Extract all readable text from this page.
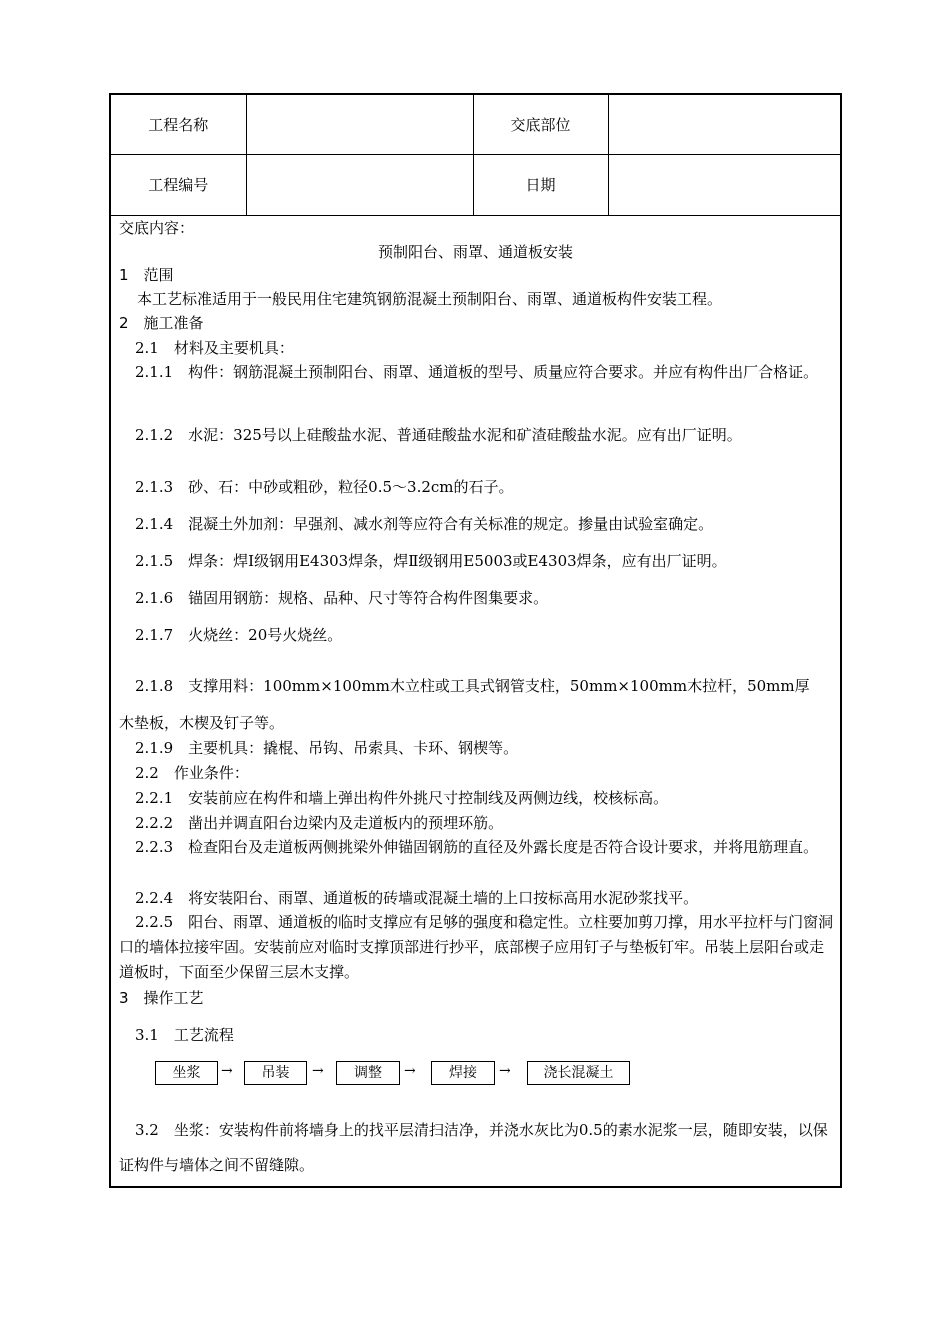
工程名称		交底部位	
工程编号		日期	
交底内容：
预制阳台、雨罩、通道板安装
1　范围
本工艺标准适用于一般民用住宅建筑钢筋混凝土预制阳台、雨罩、通道板构件安装工程。
2　施工准备
2.1　材料及主要机具：
2.1.1　构件：钢筋混凝土预制阳台、雨罩、通道板的型号、质量应符合要求。并应有构件出厂合格证。
2.1.2　水泥：325号以上硅酸盐水泥、普通硅酸盐水泥和矿渣硅酸盐水泥。应有出厂证明。
2.1.3　砂、石：中砂或粗砂，粒径0.5～3.2cm的石子。
2.1.4　混凝土外加剂：早强剂、减水剂等应符合有关标准的规定。掺量由试验室确定。
2.1.5　焊条：焊Ⅰ级钢用E4303焊条，焊Ⅱ级钢用E5003或E4303焊条，应有出厂证明。
2.1.6　锚固用钢筋：规格、品种、尺寸等符合构件图集要求。
2.1.7　火烧丝：20号火烧丝。
2.1.8　支撑用料：100mm×100mm木立柱或工具式钢管支柱，50mm×100mm木拉杆，50mm厚
木垫板，木楔及钉子等。
2.1.9　主要机具：撬棍、吊钩、吊索具、卡环、钢楔等。
2.2　作业条件：
2.2.1　安装前应在构件和墙上弹出构件外挑尺寸控制线及两侧边线，校核标高。
2.2.2　凿出并调直阳台边梁内及走道板内的预埋环筋。
2.2.3　检查阳台及走道板两侧挑梁外伸锚固钢筋的直径及外露长度是否符合设计要求，并将甩筋理直。
2.2.4　将安装阳台、雨罩、通道板的砖墙或混凝土墙的上口按标高用水泥砂浆找平。
2.2.5　阳台、雨罩、通道板的临时支撑应有足够的强度和稳定性。立柱要加剪刀撑，用水平拉杆与门窗洞口的墙体拉接牢固。安装前应对临时支撑顶部进行抄平，底部楔子应用钉子与垫板钉牢。吊装上层阳台或走道板时，下面至少保留三层木支撑。
3　操作工艺
3.1　工艺流程
坐浆	→	吊装	→	调整	→	焊接	→	浇长混凝土
3.2　坐浆：安装构件前将墙身上的找平层清扫洁净，并浇水灰比为0.5的素水泥浆一层，随即安装，以保证构件与墙体之间不留缝隙。
